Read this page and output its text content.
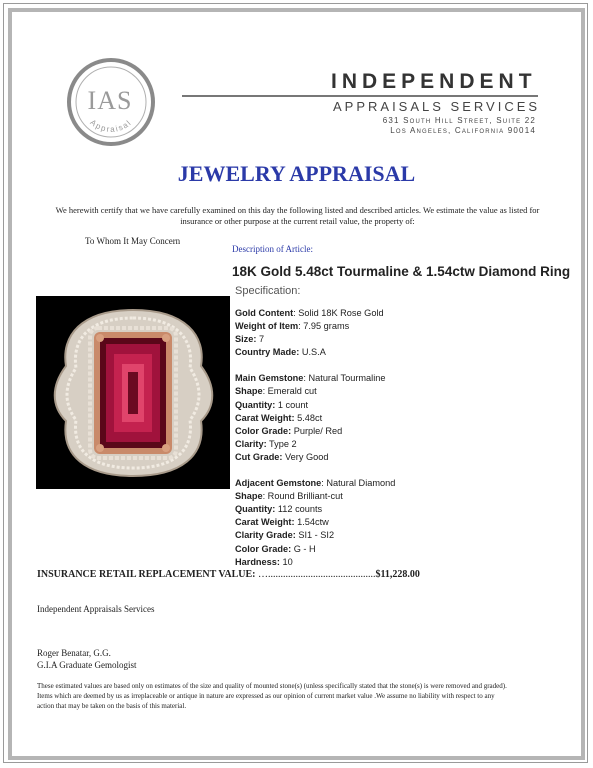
IAS
Appraisal
INDEPENDENT
APPRAISALS SERVICES
631 South Hill Street, Suite 22
Los Angeles, California 90014
JEWELRY APPRAISAL
We herewith certify that we have carefully examined on this day the following listed and described articles. We estimate the value as listed for insurance or other purpose at the current retail value, the property of:
To Whom It May Concern
Description of Article:
18K Gold 5.48ct Tourmaline & 1.54ctw Diamond Ring
Specification:
Gold Content: Solid 18K Rose Gold
Weight of Item: 7.95 grams
Size: 7
Country Made: U.S.A
Main Gemstone: Natural Tourmaline
Shape: Emerald cut
Quantity: 1 count
Carat Weight: 5.48ct
Color Grade: Purple/ Red
Clarity: Type 2
Cut Grade: Very Good
Adjacent Gemstone: Natural Diamond
Shape: Round Brilliant-cut
Quantity: 112 counts
Carat Weight: 1.54ctw
Clarity Grade: SI1 - SI2
Color Grade: G - H
Hardness: 10
INSURANCE RETAIL REPLACEMENT VALUE: …...........................................$11,228.00
Independent Appraisals Services
Roger Benatar, G.G.
G.I.A Graduate Gemologist
These estimated values are based only on estimates of the size and quality of mounted stone(s) (unless specifically stated that the stone(s) is were removed and graded). Items which are deemed by us as irreplaceable or antique in nature are expressed as our opinion of current market value .We assume no liability with respect to any action that may be taken on the basis of this material.
